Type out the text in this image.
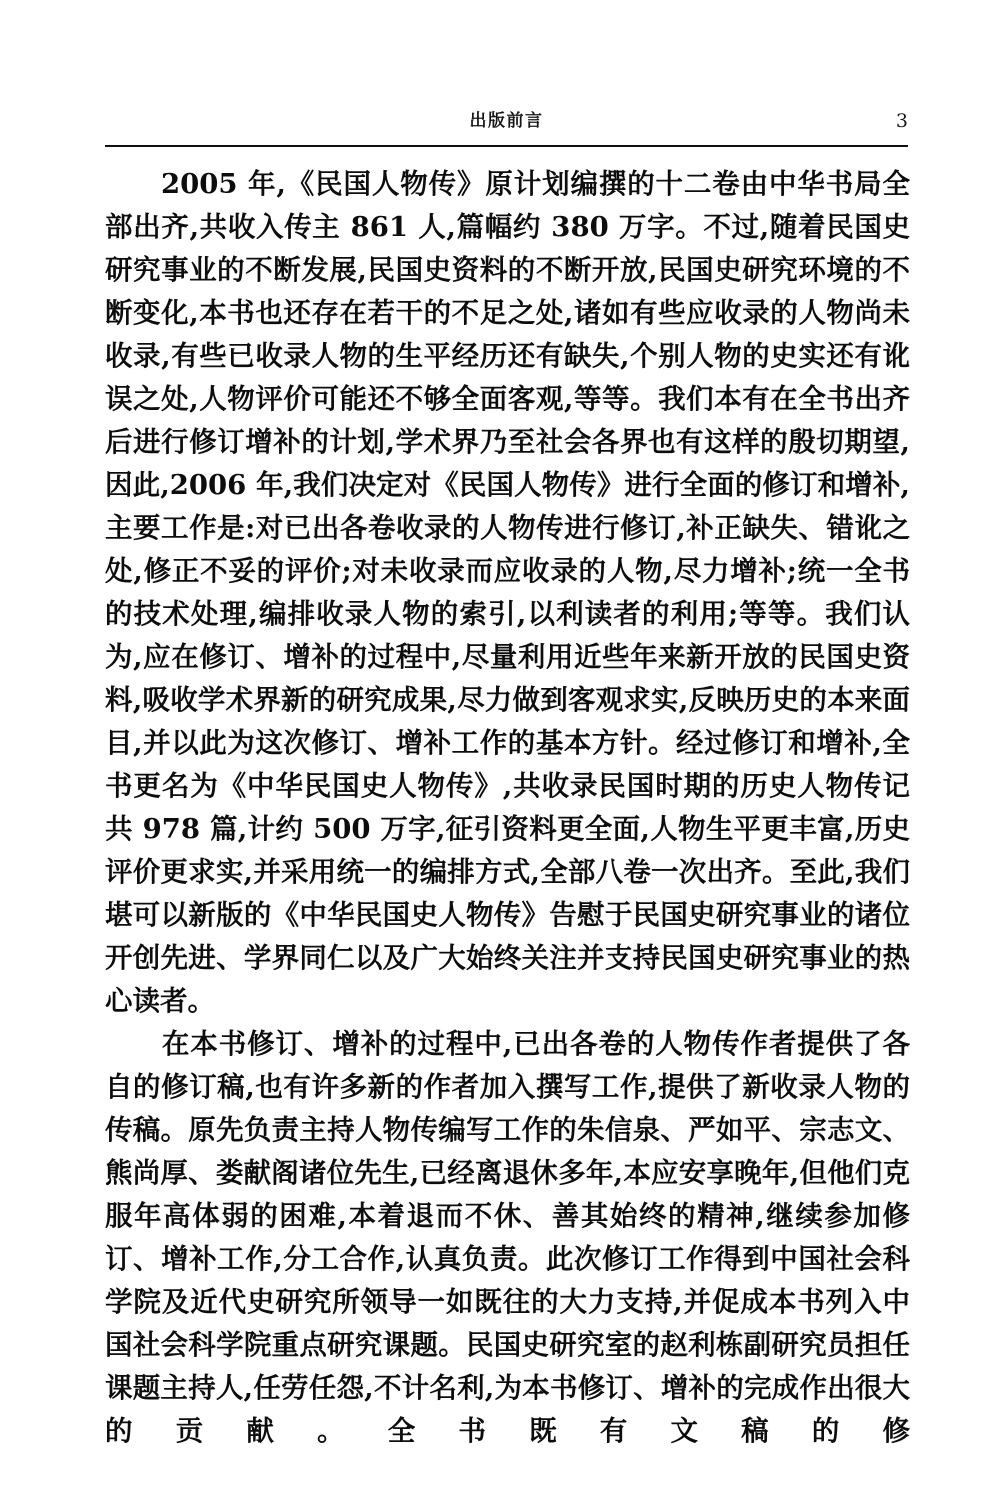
出版前言	3

2005 年,《民国人物传》原计划编撰的十二卷由中华书局全部出齐,共收入传主 861 人,篇幅约 380 万字。不过,随着民国史研究事业的不断发展,民国史资料的不断开放,民国史研究环境的不断变化,本书也还存在若干的不足之处,诸如有些应收录的人物尚未收录,有些已收录人物的生平经历还有缺失,个别人物的史实还有讹误之处,人物评价可能还不够全面客观,等等。我们本有在全书出齐后进行修订增补的计划,学术界乃至社会各界也有这样的殷切期望,因此,2006 年,我们决定对《民国人物传》进行全面的修订和增补,主要工作是:对已出各卷收录的人物传进行修订,补正缺失、错讹之处,修正不妥的评价;对未收录而应收录的人物,尽力增补;统一全书的技术处理,编排收录人物的索引,以利读者的利用;等等。我们认为,应在修订、增补的过程中,尽量利用近些年来新开放的民国史资料,吸收学术界新的研究成果,尽力做到客观求实,反映历史的本来面目,并以此为这次修订、增补工作的基本方针。经过修订和增补,全书更名为《中华民国史人物传》,共收录民国时期的历史人物传记共 978 篇,计约 500 万字,征引资料更全面,人物生平更丰富,历史评价更求实,并采用统一的编排方式,全部八卷一次出齐。至此,我们堪可以新版的《中华民国史人物传》告慰于民国史研究事业的诸位开创先进、学界同仁以及广大始终关注并支持民国史研究事业的热心读者。

在本书修订、增补的过程中,已出各卷的人物传作者提供了各自的修订稿,也有许多新的作者加入撰写工作,提供了新收录人物的传稿。原先负责主持人物传编写工作的朱信泉、严如平、宗志文、熊尚厚、娄献阁诸位先生,已经离退休多年,本应安享晚年,但他们克服年高体弱的困难,本着退而不休、善其始终的精神,继续参加修订、增补工作,分工合作,认真负责。此次修订工作得到中国社会科学院及近代史研究所领导一如既往的大力支持,并促成本书列入中国社会科学院重点研究课题。民国史研究室的赵利栋副研究员担任课题主持人,任劳任怨,不计名利,为本书修订、增补的完成作出很大的贡献。全书既有文稿的修
